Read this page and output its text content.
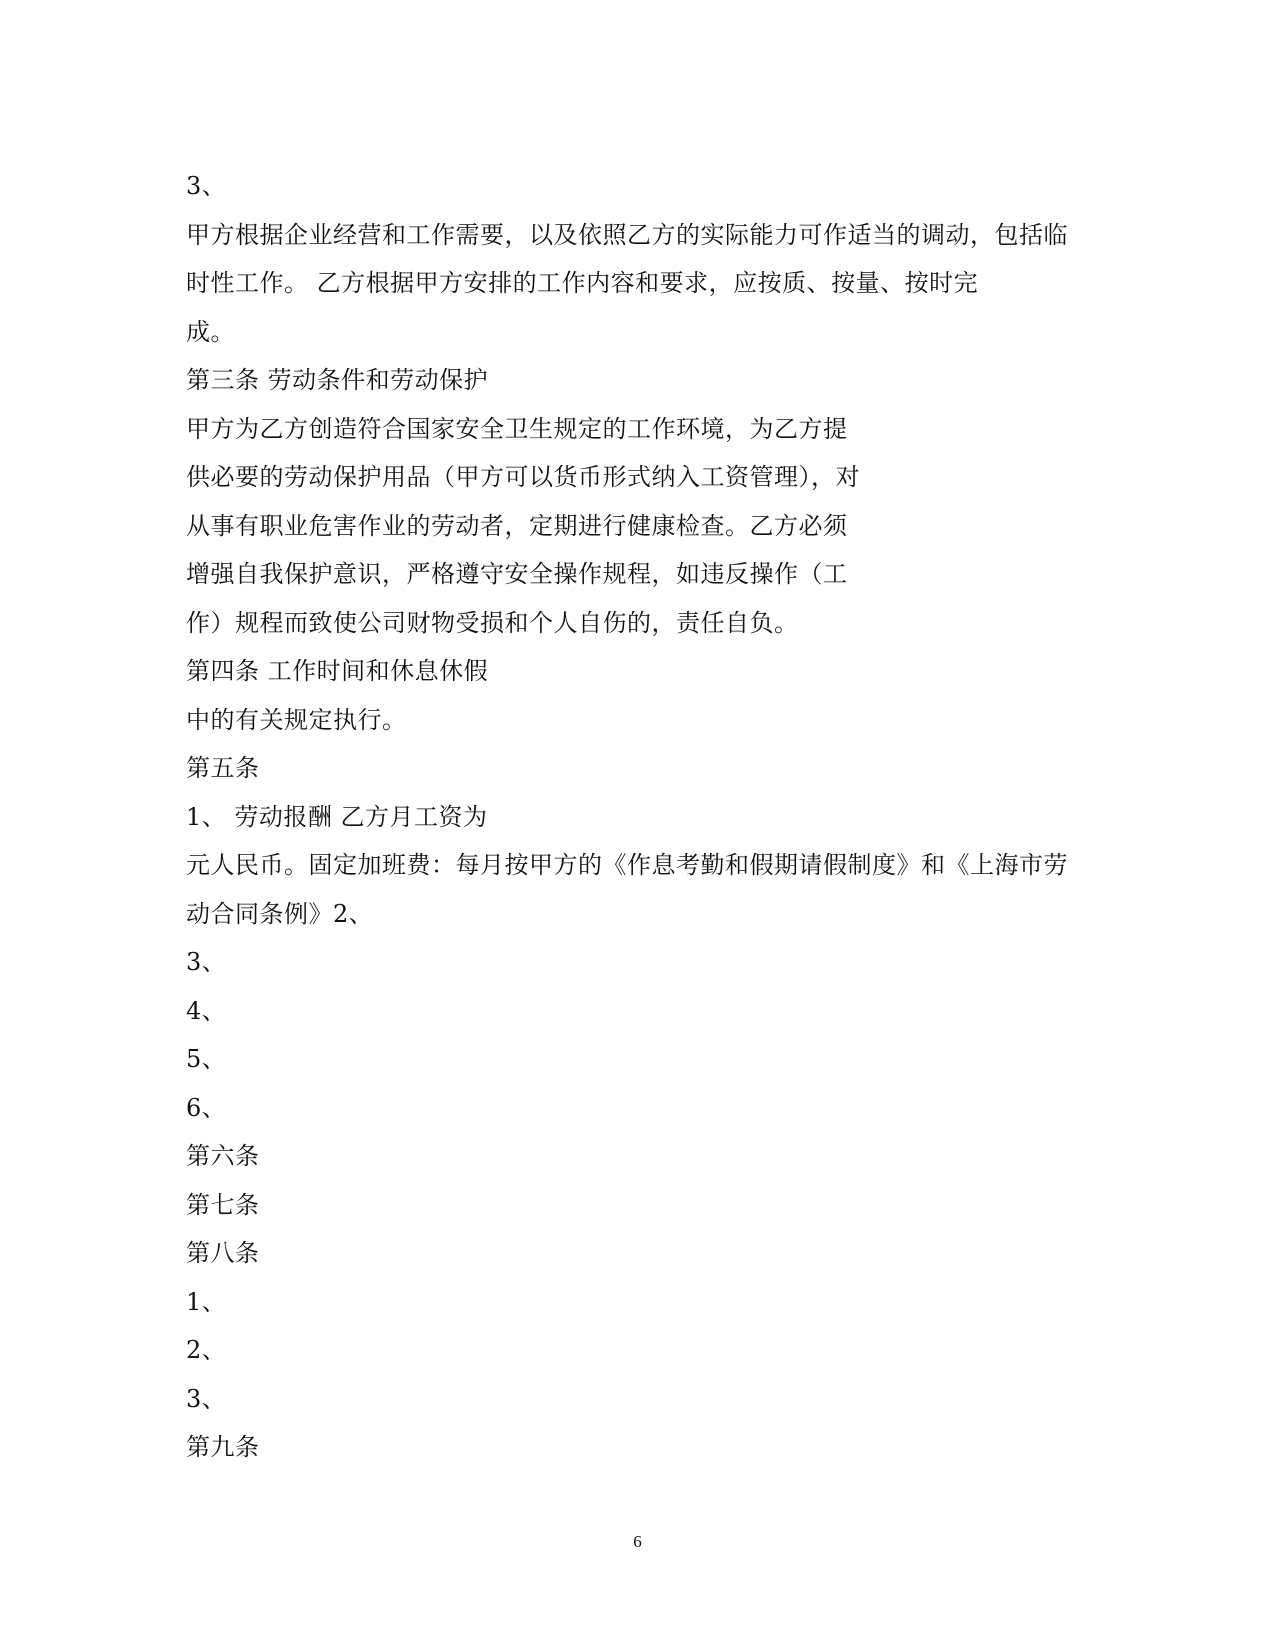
3、
甲方根据企业经营和工作需要，以及依照乙方的实际能力可作适当的调动，包括临
时性工作。 乙方根据甲方安排的工作内容和要求，应按质、按量、按时完
成。
第三条 劳动条件和劳动保护
甲方为乙方创造符合国家安全卫生规定的工作环境，为乙方提
供必要的劳动保护用品（甲方可以货币形式纳入工资管理），对
从事有职业危害作业的劳动者，定期进行健康检查。乙方必须
增强自我保护意识，严格遵守安全操作规程，如违反操作（工
作）规程而致使公司财物受损和个人自伤的，责任自负。
第四条 工作时间和休息休假
中的有关规定执行。
第五条
1、 劳动报酬 乙方月工资为
元人民币。固定加班费：每月按甲方的《作息考勤和假期请假制度》和《上海市劳
动合同条例》2、
3、
4、
5、
6、
第六条
第七条
第八条
1、
2、
3、
第九条
6
